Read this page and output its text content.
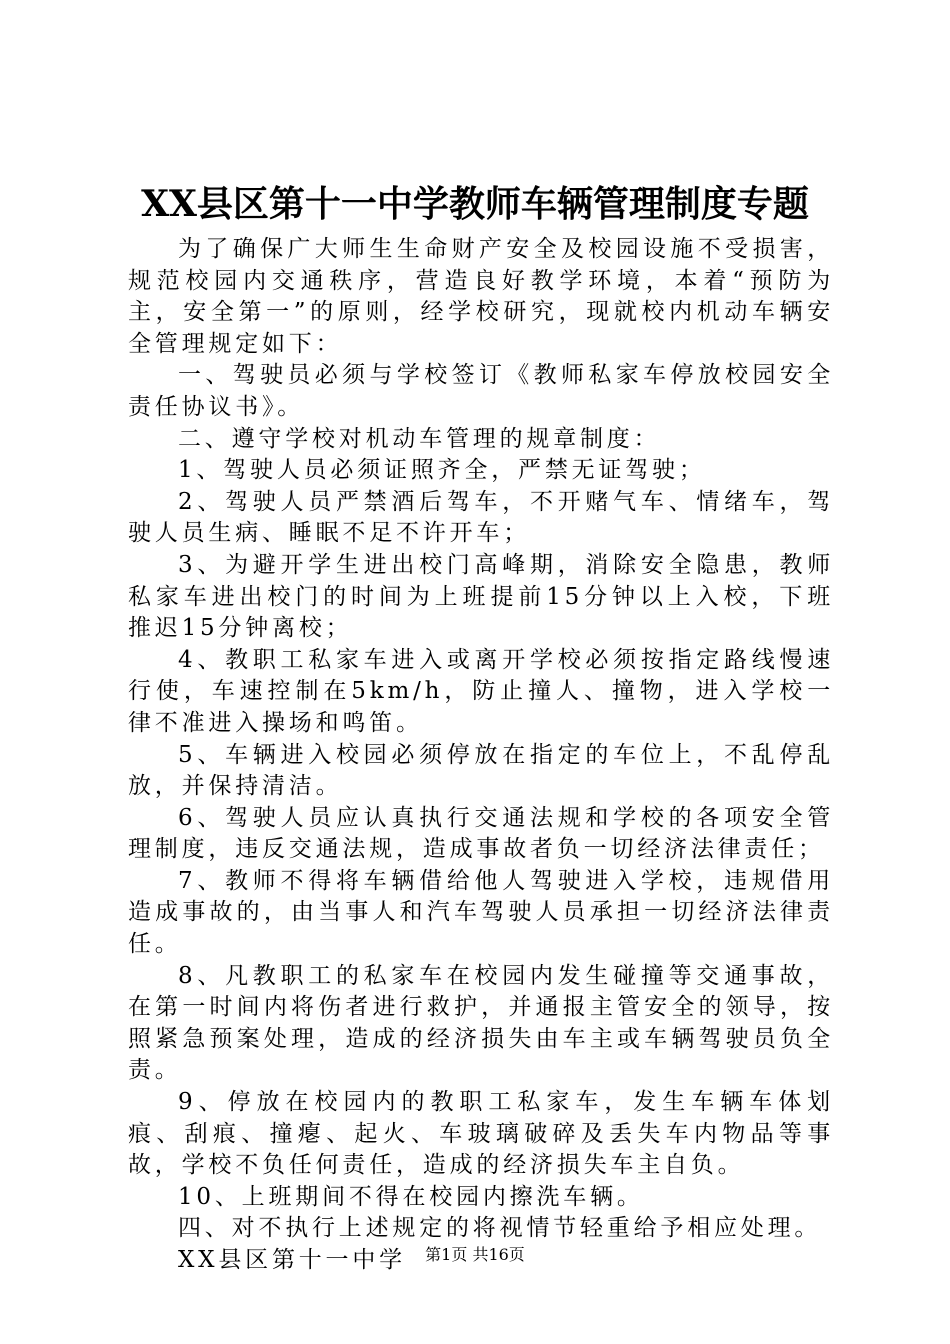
XX县区第十一中学教师车辆管理制度专题

为了确保广大师生生命财产安全及校园设施不受损害，规范校园内交通秩序，营造良好教学环境，本着“预防为主，安全第一”的原则，经学校研究，现就校内机动车辆安全管理规定如下：

一、驾驶员必须与学校签订《教师私家车停放校园安全责任协议书》。

二、遵守学校对机动车管理的规章制度：

1、驾驶人员必须证照齐全，严禁无证驾驶；

2、驾驶人员严禁酒后驾车，不开赌气车、情绪车，驾驶人员生病、睡眠不足不许开车；

3、为避开学生进出校门高峰期，消除安全隐患，教师私家车进出校门的时间为上班提前15分钟以上入校，下班推迟15分钟离校；

4、教职工私家车进入或离开学校必须按指定路线慢速行使，车速控制在5km/h，防止撞人、撞物，进入学校一律不准进入操场和鸣笛。

5、车辆进入校园必须停放在指定的车位上，不乱停乱放，并保持清洁。

6、驾驶人员应认真执行交通法规和学校的各项安全管理制度，违反交通法规，造成事故者负一切经济法律责任；

7、教师不得将车辆借给他人驾驶进入学校，违规借用造成事故的，由当事人和汽车驾驶人员承担一切经济法律责任。

8、凡教职工的私家车在校园内发生碰撞等交通事故，在第一时间内将伤者进行救护，并通报主管安全的领导，按照紧急预案处理，造成的经济损失由车主或车辆驾驶员负全责。

9、停放在校园内的教职工私家车，发生车辆车体划痕、刮痕、撞瘪、起火、车玻璃破碎及丢失车内物品等事故，学校不负任何责任，造成的经济损失车主自负。

10、上班期间不得在校园内擦洗车辆。

四、对不执行上述规定的将视情节轻重给予相应处理。

XX县区第十一中学	第1页 共16页
